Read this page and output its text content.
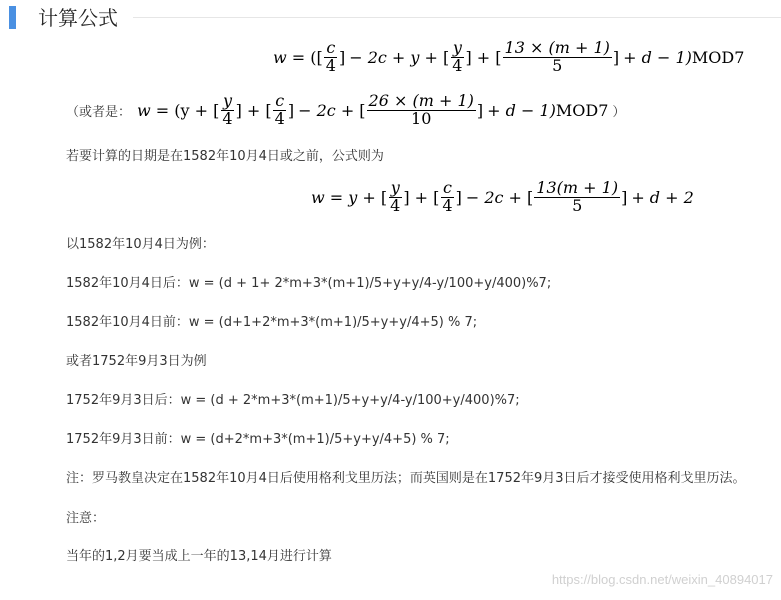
计算公式
w = ([ $\frac{c}{4}$ ] − 2c + y + [ $\frac{y}{4}$ ] + [ $\frac{13 \times (m + 1)}{5}$ ] + d − 1) MOD7
（或者是： w = (y + [ $\frac{y}{4}$ ] + [ $\frac{c}{4}$ ] − 2c + [ $\frac{26 \times (m + 1)}{10}$ ] + d − 1) MOD7 ）
若要计算的日期是在1582年10月4日或之前，公式则为
w = y + [ $\frac{y}{4}$ ] + [ $\frac{c}{4}$ ] − 2c + [ $\frac{13(m + 1)}{5}$ ] + d + 2
以1582年10月4日为例：
1582年10月4日后：w = (d + 1+ 2*m+3*(m+1)/5+y+y/4-y/100+y/400)%7;
1582年10月4日前：w = (d+1+2*m+3*(m+1)/5+y+y/4+5) % 7;
或者1752年9月3日为例
1752年9月3日后：w = (d + 2*m+3*(m+1)/5+y+y/4-y/100+y/400)%7;
1752年9月3日前：w = (d+2*m+3*(m+1)/5+y+y/4+5) % 7;
注：罗马教皇决定在1582年10月4日后使用格利戈里历法；而英国则是在1752年9月3日后才接受使用格利戈里历法。
注意：
当年的1,2月要当成上一年的13,14月进行计算
https://blog.csdn.net/weixin_40894017
